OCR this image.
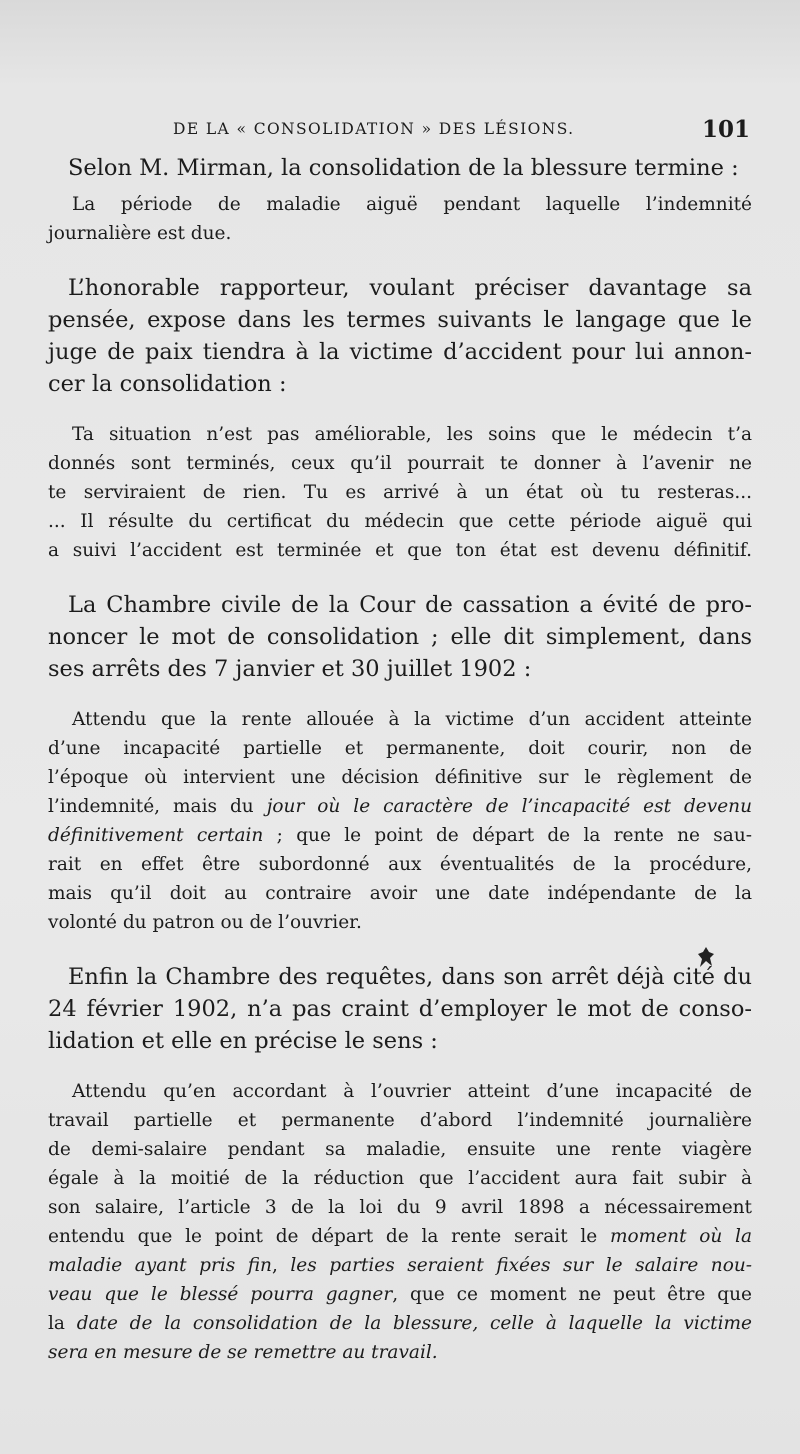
DE LA « CONSOLIDATION » DES LÉSIONS.	101

Selon M. Mirman, la consolidation de la blessure termine :

La période de maladie aiguë pendant laquelle l’indemnité
journalière est due.

L’honorable rapporteur, voulant préciser davantage sa
pensée, expose dans les termes suivants le langage que le
juge de paix tiendra à la victime d’accident pour lui annon-
cer la consolidation :

Ta situation n’est pas améliorable, les soins que le médecin t’a
donnés sont terminés, ceux qu’il pourrait te donner à l’avenir ne
te serviraient de rien. Tu es arrivé à un état où tu resteras...
... Il résulte du certificat du médecin que cette période aiguë qui
a suivi l’accident est terminée et que ton état est devenu définitif.

La Chambre civile de la Cour de cassation a évité de pro-
noncer le mot de consolidation ; elle dit simplement, dans
ses arrêts des 7 janvier et 30 juillet 1902 :

Attendu que la rente allouée à la victime d’un accident atteinte
d’une incapacité partielle et permanente, doit courir, non de
l’époque où intervient une décision définitive sur le règlement de
l’indemnité, mais du jour où le caractère de l’incapacité est devenu
définitivement certain ; que le point de départ de la rente ne sau-
rait en effet être subordonné aux éventualités de la procédure,
mais qu’il doit au contraire avoir une date indépendante de la
volonté du patron ou de l’ouvrier.

Enfin la Chambre des requêtes, dans son arrêt déjà cité du
24 février 1902, n’a pas craint d’employer le mot de conso-
lidation et elle en précise le sens :

Attendu qu’en accordant à l’ouvrier atteint d’une incapacité de
travail partielle et permanente d’abord l’indemnité journalière
de demi-salaire pendant sa maladie, ensuite une rente viagère
égale à la moitié de la réduction que l’accident aura fait subir à
son salaire, l’article 3 de la loi du 9 avril 1898 a nécessairement
entendu que le point de départ de la rente serait le moment où la
maladie ayant pris fin, les parties seraient fixées sur le salaire nou-
veau que le blessé pourra gagner, que ce moment ne peut être que
la date de la consolidation de la blessure, celle à laquelle la victime
sera en mesure de se remettre au travail.
